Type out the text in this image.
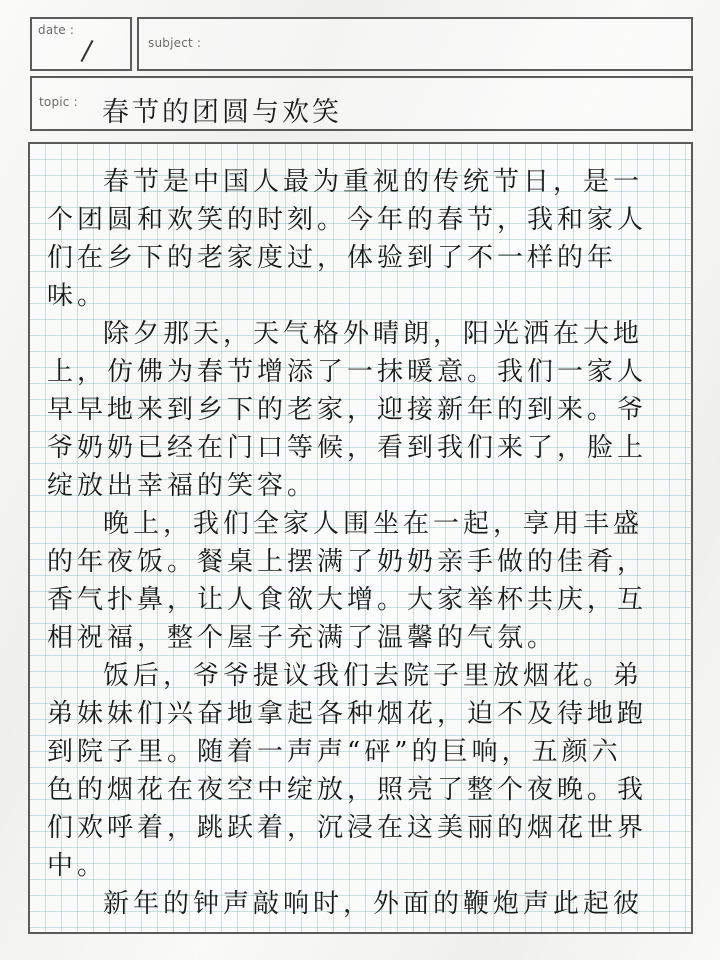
date :
subject :
topic : 春节的团圆与欢笑

春节是中国人最为重视的传统节日，是一
个团圆和欢笑的时刻。今年的春节，我和家人
们在乡下的老家度过，体验到了不一样的年
味。

除夕那天，天气格外晴朗，阳光洒在大地
上，仿佛为春节增添了一抹暖意。我们一家人
早早地来到乡下的老家，迎接新年的到来。爷
爷奶奶已经在门口等候，看到我们来了，脸上
绽放出幸福的笑容。

晚上，我们全家人围坐在一起，享用丰盛
的年夜饭。餐桌上摆满了奶奶亲手做的佳肴，
香气扑鼻，让人食欲大增。大家举杯共庆，互
相祝福，整个屋子充满了温馨的气氛。

饭后，爷爷提议我们去院子里放烟花。弟
弟妹妹们兴奋地拿起各种烟花，迫不及待地跑
到院子里。随着一声声“砰”的巨响，五颜六
色的烟花在夜空中绽放，照亮了整个夜晚。我
们欢呼着，跳跃着，沉浸在这美丽的烟花世界
中。

新年的钟声敲响时，外面的鞭炮声此起彼
